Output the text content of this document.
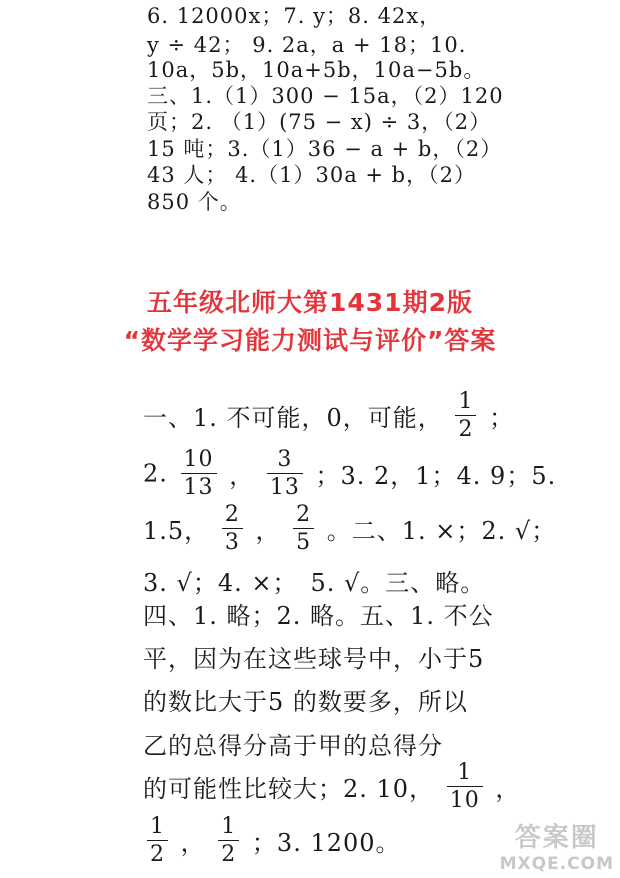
6. 12000x；7. y；8. 42x，
y ÷ 42； 9. 2a，a + 18；10.
10a，5b，10a+5b，10a−5b。
三、1.（1）300 − 15a，（2）120
页；2. （1）(75 − x) ÷ 3，（2）
15 吨；3.（1）36 − a + b，（2）
43 人； 4.（1）30a + b，（2）
850 个。
五年级北师大第1431期2版
“数学学习能力测试与评价”答案
一、1. 不可能，0，可能， $\frac{1}{2}$ ；
2. $\frac{10}{13}$ ， $\frac{3}{13}$ ；3. 2，1；4. 9；5.
1.5， $\frac{2}{3}$ ， $\frac{2}{5}$ 。二、1. ×；2. √；
3. √；4. ×；　5. √。三、略。
四、1. 略；2. 略。五、1. 不公
平，因为在这些球号中，小于5
的数比大于5 的数要多，所以
乙的总得分高于甲的总得分
的可能性比较大；2. 10， $\frac{1}{10}$ ，
$\frac{1}{2}$ ， $\frac{1}{2}$ ；3. 1200。	答案圈
MXQE.COM
